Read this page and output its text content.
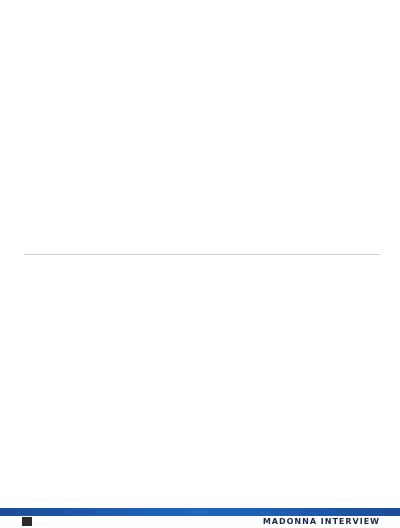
MADONNA INTERVIEW
